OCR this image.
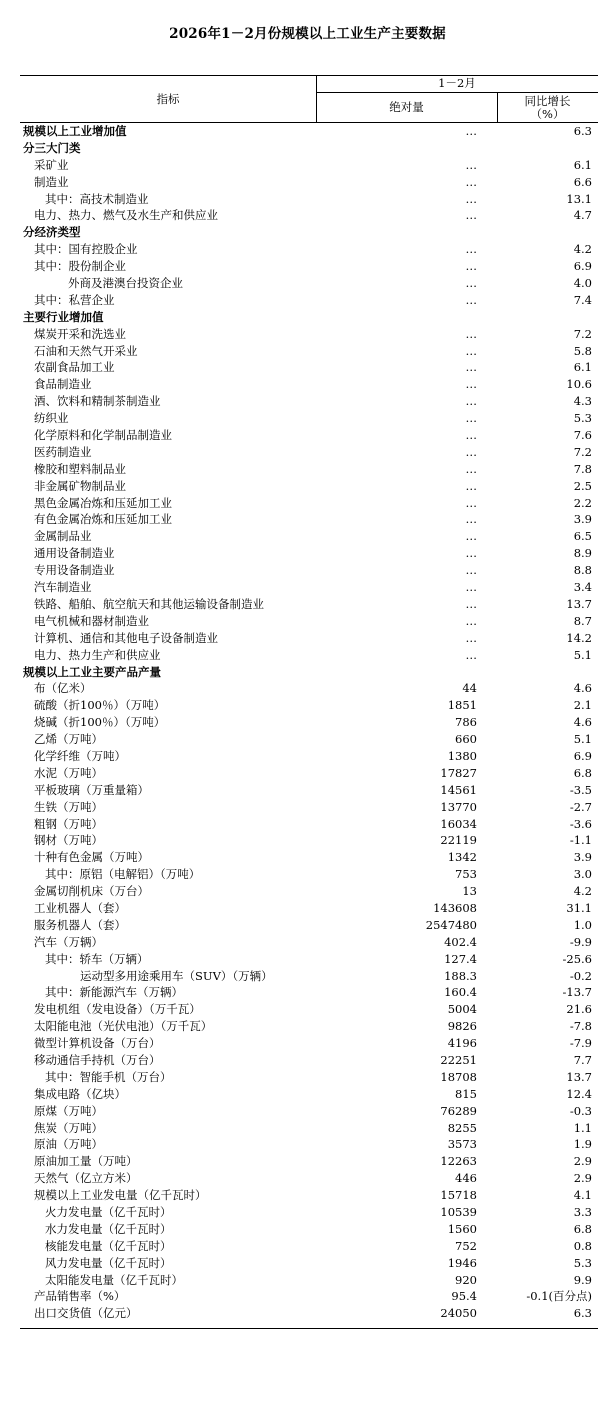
2026年1－2月份规模以上工业生产主要数据
指标
1－2月
绝对量	同比增长
（%）
规模以上工业增加值	…	6.3
分三大门类
采矿业	…	6.1
制造业	…	6.6
其中：高技术制造业	…	13.1
电力、热力、燃气及水生产和供应业	…	4.7
分经济类型
其中：国有控股企业	…	4.2
其中：股份制企业	…	6.9
外商及港澳台投资企业	…	4.0
其中：私营企业	…	7.4
主要行业增加值
煤炭开采和洗选业	…	7.2
石油和天然气开采业	…	5.8
农副食品加工业	…	6.1
食品制造业	…	10.6
酒、饮料和精制茶制造业	…	4.3
纺织业	…	5.3
化学原料和化学制品制造业	…	7.6
医药制造业	…	7.2
橡胶和塑料制品业	…	7.8
非金属矿物制品业	…	2.5
黑色金属冶炼和压延加工业	…	2.2
有色金属冶炼和压延加工业	…	3.9
金属制品业	…	6.5
通用设备制造业	…	8.9
专用设备制造业	…	8.8
汽车制造业	…	3.4
铁路、船舶、航空航天和其他运输设备制造业	…	13.7
电气机械和器材制造业	…	8.7
计算机、通信和其他电子设备制造业	…	14.2
电力、热力生产和供应业	…	5.1
规模以上工业主要产品产量
布（亿米）	44	4.6
硫酸（折100％）（万吨）	1851	2.1
烧碱（折100％）（万吨）	786	4.6
乙烯（万吨）	660	5.1
化学纤维（万吨）	1380	6.9
水泥（万吨）	17827	6.8
平板玻璃（万重量箱）	14561	-3.5
生铁（万吨）	13770	-2.7
粗钢（万吨）	16034	-3.6
钢材（万吨）	22119	-1.1
十种有色金属（万吨）	1342	3.9
其中：原铝（电解铝）（万吨）	753	3.0
金属切削机床（万台）	13	4.2
工业机器人（套）	143608	31.1
服务机器人（套）	2547480	1.0
汽车（万辆）	402.4	-9.9
其中：轿车（万辆）	127.4	-25.6
运动型多用途乘用车（SUV）（万辆）	188.3	-0.2
其中：新能源汽车（万辆）	160.4	-13.7
发电机组（发电设备）（万千瓦）	5004	21.6
太阳能电池（光伏电池）（万千瓦）	9826	-7.8
微型计算机设备（万台）	4196	-7.9
移动通信手持机（万台）	22251	7.7
其中：智能手机（万台）	18708	13.7
集成电路（亿块）	815	12.4
原煤（万吨）	76289	-0.3
焦炭（万吨）	8255	1.1
原油（万吨）	3573	1.9
原油加工量（万吨）	12263	2.9
天然气（亿立方米）	446	2.9
规模以上工业发电量（亿千瓦时）	15718	4.1
火力发电量（亿千瓦时）	10539	3.3
水力发电量（亿千瓦时）	1560	6.8
核能发电量（亿千瓦时）	752	0.8
风力发电量（亿千瓦时）	1946	5.3
太阳能发电量（亿千瓦时）	920	9.9
产品销售率（%）	95.4	-0.1(百分点)
出口交货值（亿元）	24050	6.3
